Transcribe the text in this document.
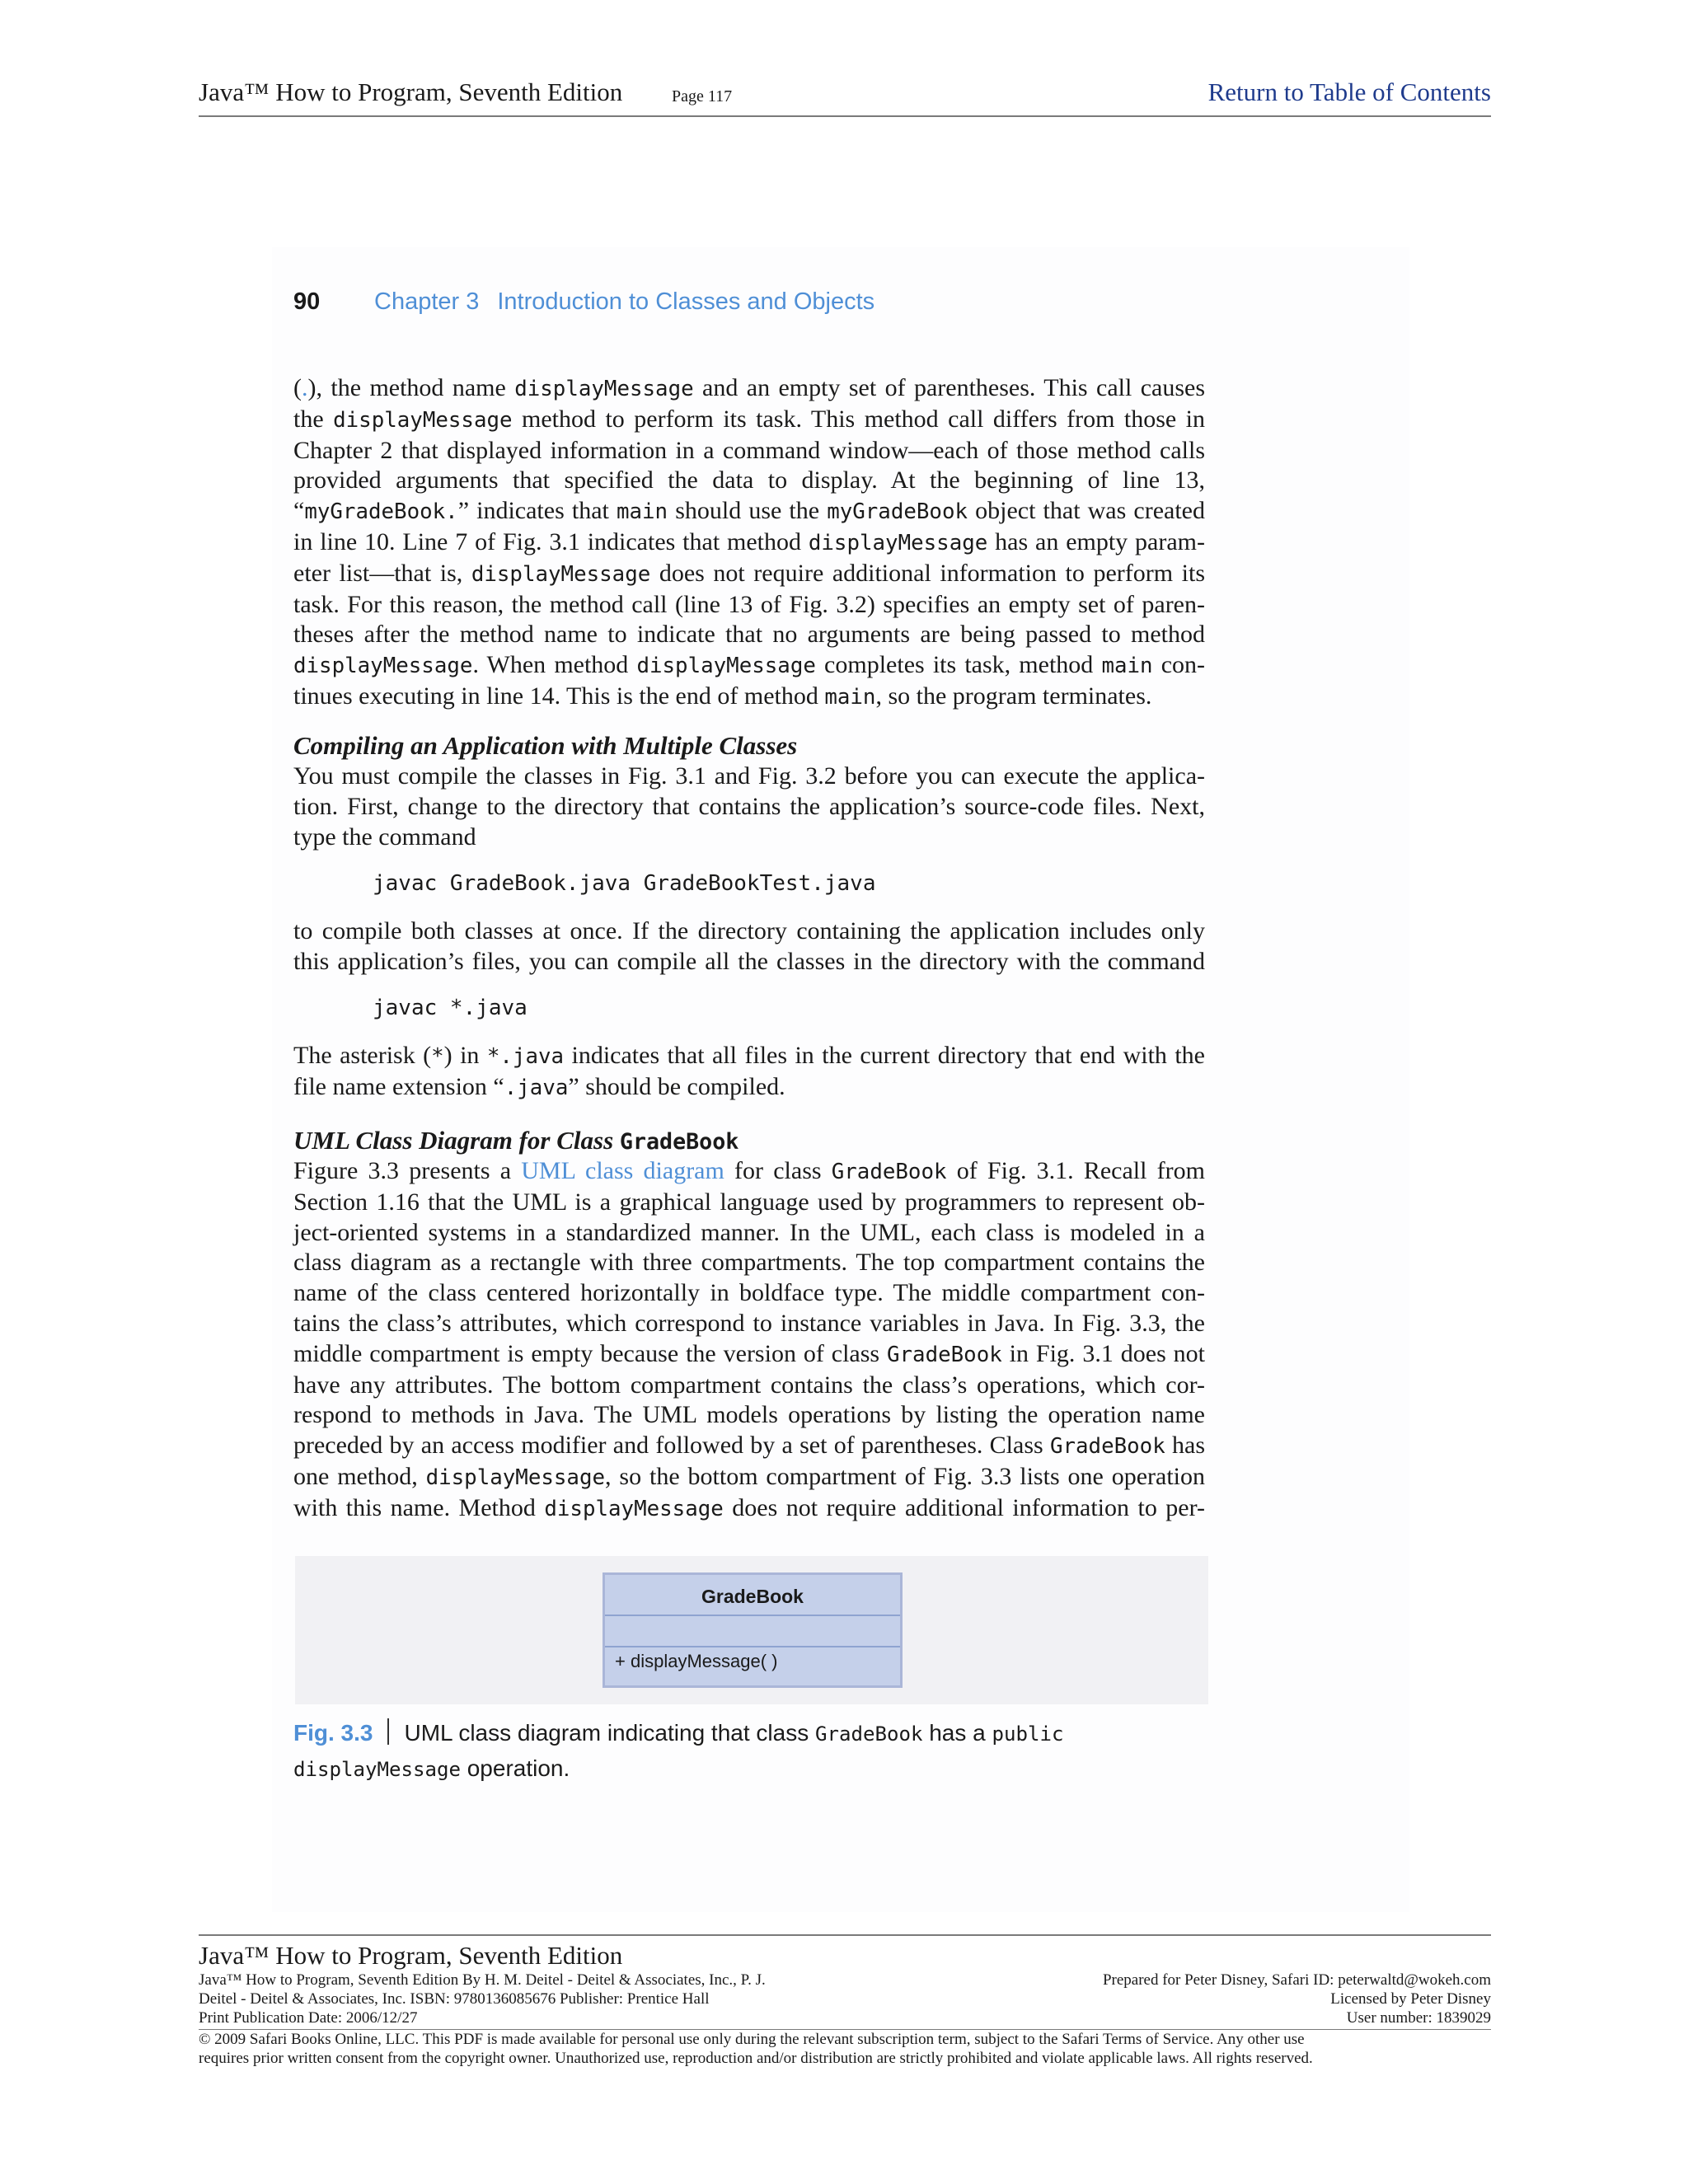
Java™ How to Program, Seventh Edition	Page 117	Return to Table of Contents
90 Chapter 3 Introduction to Classes and Objects
(.), the method name displayMessage and an empty set of parentheses. This call causes
the displayMessage method to perform its task. This method call differs from those in
Chapter 2 that displayed information in a command window—each of those method calls
provided arguments that specified the data to display. At the beginning of line 13,
“myGradeBook.” indicates that main should use the myGradeBook object that was created
in line 10. Line 7 of Fig. 3.1 indicates that method displayMessage has an empty param-
eter list—that is, displayMessage does not require additional information to perform its
task. For this reason, the method call (line 13 of Fig. 3.2) specifies an empty set of paren-
theses after the method name to indicate that no arguments are being passed to method
displayMessage. When method displayMessage completes its task, method main con-
tinues executing in line 14. This is the end of method main, so the program terminates.
Compiling an Application with Multiple Classes
You must compile the classes in Fig. 3.1 and Fig. 3.2 before you can execute the applica-
tion. First, change to the directory that contains the application’s source-code files. Next,
type the command
javac GradeBook.java GradeBookTest.java
to compile both classes at once. If the directory containing the application includes only
this application’s files, you can compile all the classes in the directory with the command
javac *.java
The asterisk (*) in *.java indicates that all files in the current directory that end with the
file name extension “.java” should be compiled.
UML Class Diagram for Class GradeBook
Figure 3.3 presents a UML class diagram for class GradeBook of Fig. 3.1. Recall from
Section 1.16 that the UML is a graphical language used by programmers to represent ob-
ject-oriented systems in a standardized manner. In the UML, each class is modeled in a
class diagram as a rectangle with three compartments. The top compartment contains the
name of the class centered horizontally in boldface type. The middle compartment con-
tains the class’s attributes, which correspond to instance variables in Java. In Fig. 3.3, the
middle compartment is empty because the version of class GradeBook in Fig. 3.1 does not
have any attributes. The bottom compartment contains the class’s operations, which cor-
respond to methods in Java. The UML models operations by listing the operation name
preceded by an access modifier and followed by a set of parentheses. Class GradeBook has
one method, displayMessage, so the bottom compartment of Fig. 3.3 lists one operation
with this name. Method displayMessage does not require additional information to per-
GradeBook
+ displayMessage( )
Fig. 3.3 UML class diagram indicating that class GradeBook has a public
displayMessage operation.
Java™ How to Program, Seventh Edition
Java™ How to Program, Seventh Edition By H. M. Deitel - Deitel & Associates, Inc., P. J.	Prepared for Peter Disney, Safari ID: peterwaltd@wokeh.com
Deitel - Deitel & Associates, Inc. ISBN: 9780136085676 Publisher: Prentice Hall	Licensed by Peter Disney
Print Publication Date: 2006/12/27	User number: 1839029
© 2009 Safari Books Online, LLC. This PDF is made available for personal use only during the relevant subscription term, subject to the Safari Terms of Service. Any other use
requires prior written consent from the copyright owner. Unauthorized use, reproduction and/or distribution are strictly prohibited and violate applicable laws. All rights reserved.
